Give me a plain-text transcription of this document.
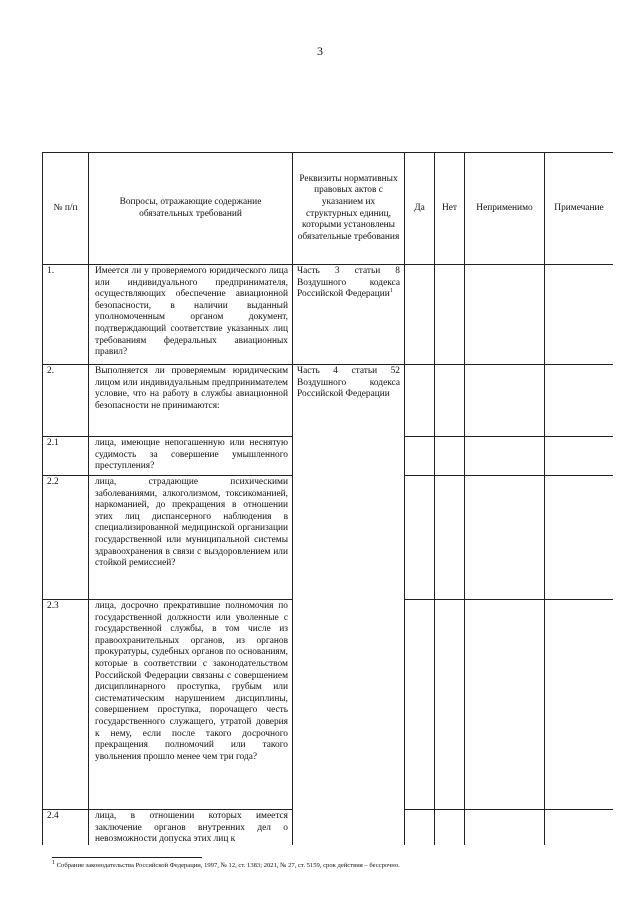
3
№ п/п	Вопросы, отражающие содержание обязательных требований	Реквизиты нормативных правовых актов с указанием их структурных единиц, которыми установлены обязательные требования	Да	Нет	Неприменимо	Примечание
1.	Имеется ли у проверяемого юридического лица или индивидуального предпринимателя, осуществляющих обеспечение авиационной безопасности, в наличии выданный уполномоченным органом документ, подтверждающий соответствие указанных лиц требованиям федеральных авиационных правил?	Часть 3 статьи 8 Воздушного кодекса Российской Федерации$^1$				
2.	Выполняется ли проверяемым юридическим лицом или индивидуальным предпринимателем условие, что на работу в службы авиационной безопасности не принимаются:	Часть 4 статьи 52 Воздушного кодекса Российской Федерации				
2.1	лица, имеющие непогашенную или неснятую судимость за совершение умышленного преступления?					
2.2	лица, страдающие психическими заболеваниями, алкоголизмом, токсикоманией, наркоманией, до прекращения в отношении этих лиц диспансерного наблюдения в специализированной медицинской организации государственной или муниципальной системы здравоохранения в связи с выздоровлением или стойкой ремиссией?					
2.3	лица, досрочно прекратившие полномочия по государственной должности или уволенные с государственной службы, в том числе из правоохранительных органов, из органов прокуратуры, судебных органов по основаниям, которые в соответствии с законодательством Российской Федерации связаны с совершением дисциплинарного проступка, грубым или систематическим нарушением дисциплины, совершением проступка, порочащего честь государственного служащего, утратой доверия к нему, если после такого досрочного прекращения полномочий или такого увольнения прошло менее чем три года?					
2.4	лица, в отношении которых имеется заключение органов внутренних дел о невозможности допуска этих лиц к					
$^1$ Собрание законодательства Российской Федерации, 1997, № 12, ст. 1383; 2021, № 27, ст. 5159, срок действия – бессрочно.
